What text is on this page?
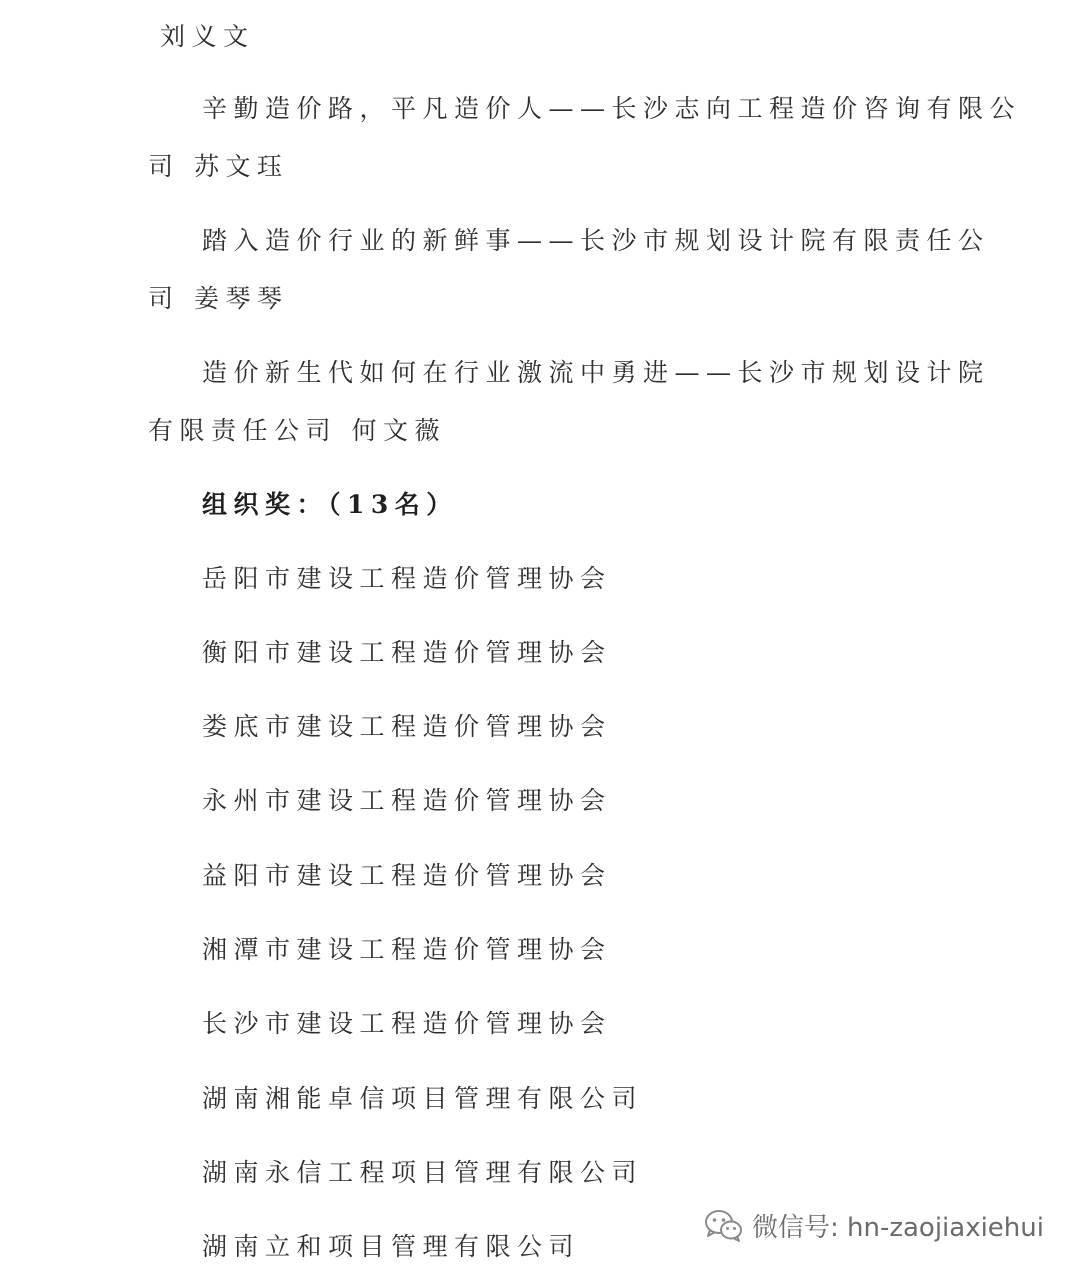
刘义文
辛勤造价路，平凡造价人——长沙志向工程造价咨询有限公
司 苏文珏
踏入造价行业的新鲜事——长沙市规划设计院有限责任公
司 姜琴琴
造价新生代如何在行业激流中勇进——长沙市规划设计院
有限责任公司 何文薇
组织奖：（13名）
岳阳市建设工程造价管理协会
衡阳市建设工程造价管理协会
娄底市建设工程造价管理协会
永州市建设工程造价管理协会
益阳市建设工程造价管理协会
湘潭市建设工程造价管理协会
长沙市建设工程造价管理协会
湖南湘能卓信项目管理有限公司
湖南永信工程项目管理有限公司
湖南立和项目管理有限公司
微信号: hn-zaojiaxiehui
